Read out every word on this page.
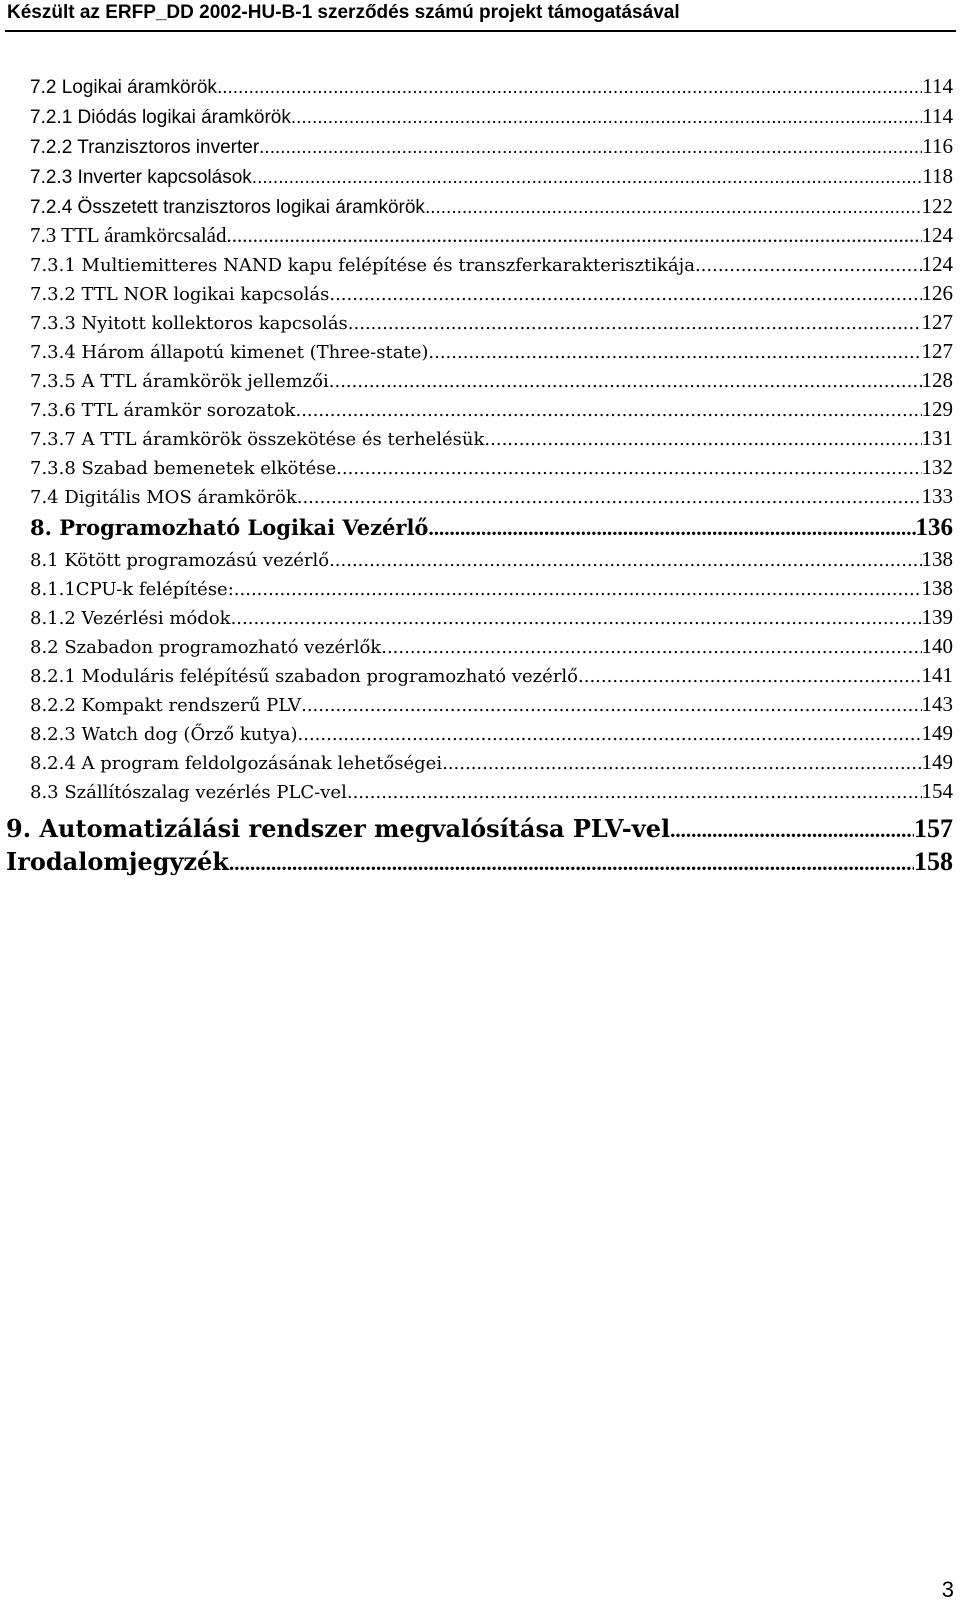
Készült az ERFP_DD 2002-HU-B-1 szerződés számú projekt támogatásával
7.2 Logikai áramkörök .....	114
7.2.1 Diódás logikai áramkörök .....	114
7.2.2 Tranzisztoros inverter .....	116
7.2.3 Inverter kapcsolások .....	118
7.2.4 Összetett tranzisztoros logikai áramkörök .....	122
7.3 TTL áramkörcsalád .....	124
7.3.1 Multiemitteres NAND kapu felépítése és transzferkarakterisztikája .....	124
7.3.2 TTL NOR logikai kapcsolás .....	126
7.3.3 Nyitott kollektoros kapcsolás .....	127
7.3.4 Három állapotú kimenet (Three-state) .....	127
7.3.5 A TTL áramkörök jellemzői .....	128
7.3.6 TTL áramkör sorozatok .....	129
7.3.7 A TTL áramkörök összekötése és terhelésük .....	131
7.3.8 Szabad bemenetek elkötése .....	132
7.4 Digitális MOS áramkörök .....	133
8. Programozható Logikai Vezérlő .....	136
8.1 Kötött programozású vezérlő .....	138
8.1.1CPU-k felépítése: .....	138
8.1.2 Vezérlési módok .....	139
8.2 Szabadon programozható vezérlők .....	140
8.2.1 Moduláris felépítésű szabadon programozható vezérlő .....	141
8.2.2 Kompakt rendszerű PLV .....	143
8.2.3 Watch dog (Őrző kutya) .....	149
8.2.4 A program feldolgozásának lehetőségei .....	149
8.3 Szállítószalag vezérlés PLC-vel .....	154
9. Automatizálási rendszer megvalósítása PLV-vel .....	157
Irodalomjegyzék .....	158
3
